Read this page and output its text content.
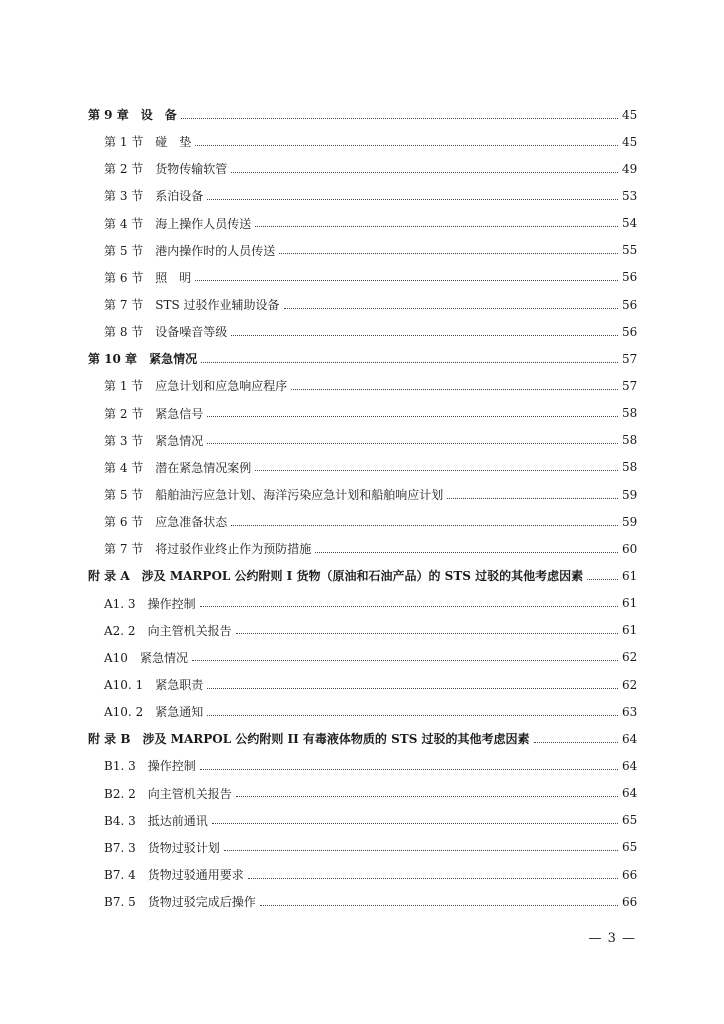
第 9 章 设　备	45
第 1 节 碰　垫	45
第 2 节 货物传输软管	49
第 3 节 系泊设备	53
第 4 节 海上操作人员传送	54
第 5 节 港内操作时的人员传送	55
第 6 节 照　明	56
第 7 节 STS 过驳作业辅助设备	56
第 8 节 设备噪音等级	56
第 10 章 紧急情况	57
第 1 节 应急计划和应急响应程序	57
第 2 节 紧急信号	58
第 3 节 紧急情况	58
第 4 节 潜在紧急情况案例	58
第 5 节 船舶油污应急计划、海洋污染应急计划和船舶响应计划	59
第 6 节 应急准备状态	59
第 7 节 将过驳作业终止作为预防措施	60
附 录 A 涉及 MARPOL 公约附则 I 货物（原油和石油产品）的 STS 过驳的其他考虑因素	61
A1. 3 操作控制	61
A2. 2 向主管机关报告	61
A10 紧急情况	62
A10. 1 紧急职责	62
A10. 2 紧急通知	63
附 录 B 涉及 MARPOL 公约附则 II 有毒液体物质的 STS 过驳的其他考虑因素	64
B1. 3 操作控制	64
B2. 2 向主管机关报告	64
B4. 3 抵达前通讯	65
B7. 3 货物过驳计划	65
B7. 4 货物过驳通用要求	66
B7. 5 货物过驳完成后操作	66
— 3 —
